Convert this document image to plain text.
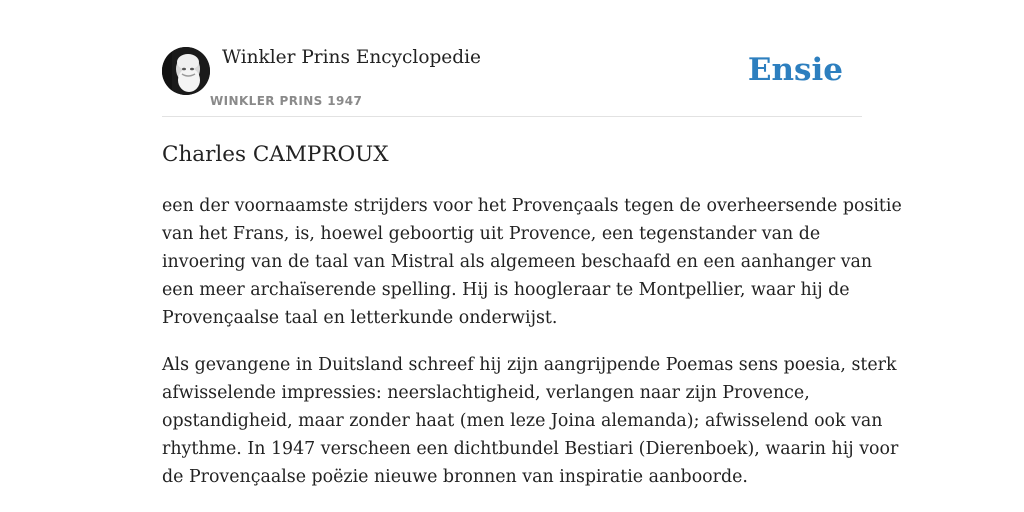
Winkler Prins Encyclopedie
WINKLER PRINS 1947
Ensie
Charles CAMPROUX

een der voornaamste strijders voor het Provençaals tegen de overheersende positie
van het Frans, is, hoewel geboortig uit Provence, een tegenstander van de
invoering van de taal van Mistral als algemeen beschaafd en een aanhanger van
een meer archaïserende spelling. Hij is hoogleraar te Montpellier, waar hij de
Provençaalse taal en letterkunde onderwijst.

Als gevangene in Duitsland schreef hij zijn aangrijpende Poemas sens poesia, sterk
afwisselende impressies: neerslachtigheid, verlangen naar zijn Provence,
opstandigheid, maar zonder haat (men leze Joina alemanda); afwisselend ook van
rhythme. In 1947 verscheen een dichtbundel Bestiari (Dierenboek), waarin hij voor
de Provençaalse poëzie nieuwe bronnen van inspiratie aanboorde.
